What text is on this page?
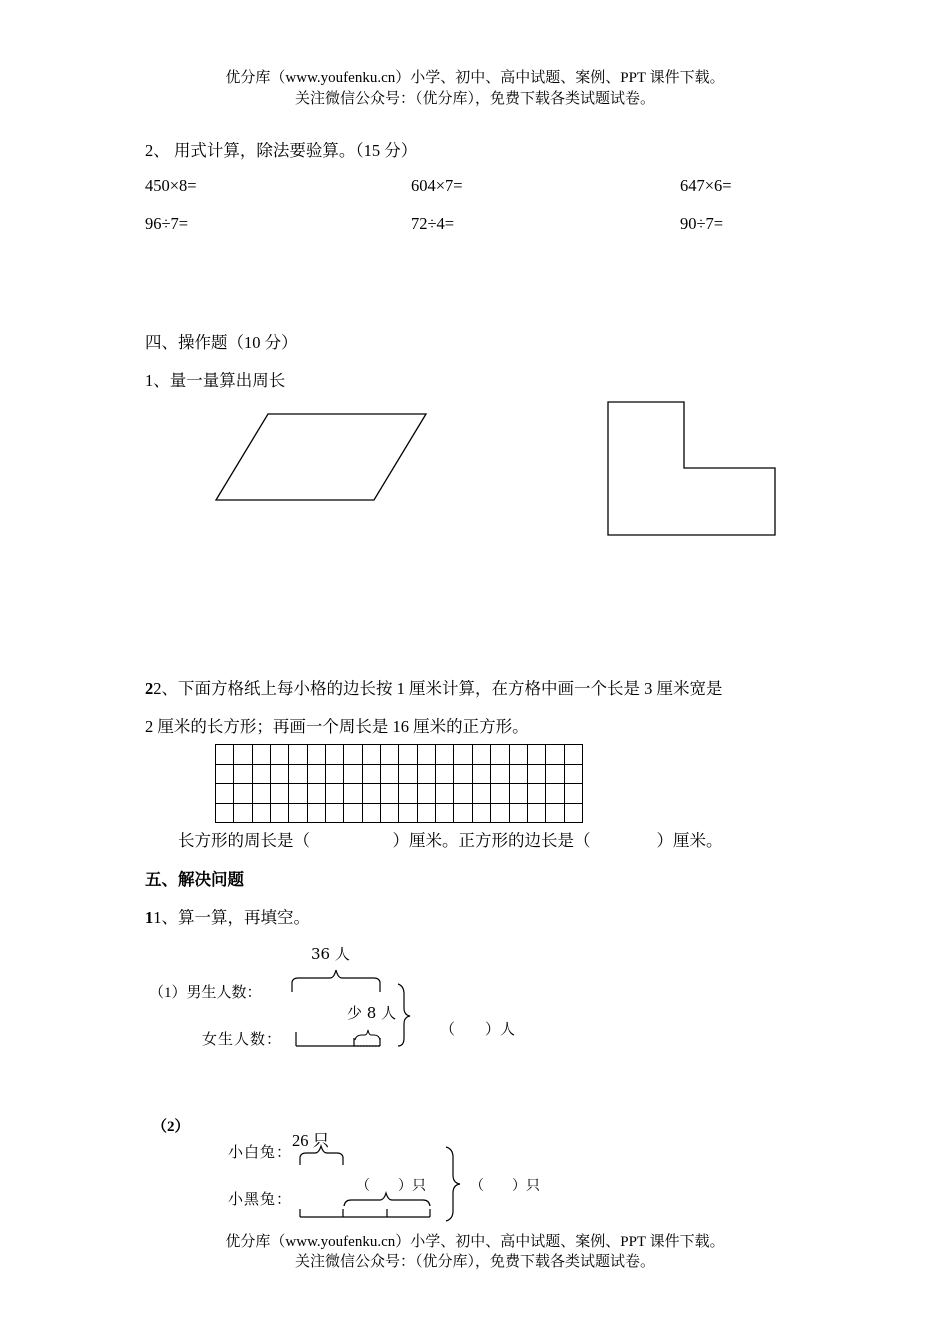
优分库（www.youfenku.cn）小学、初中、高中试题、案例、PPT 课件下载。
关注微信公众号：（优分库），免费下载各类试题试卷。
2、 用式计算，除法要验算。（15 分）
450×8=	604×7=	647×6=
96÷7=	72÷4=	90÷7=
四、操作题（10 分）
1、量一量算出周长
22、下面方格纸上每小格的边长按 1 厘米计算，在方格中画一个长是 3 厘米宽是
2 厘米的长方形；再画一个周长是 16 厘米的正方形。
长方形的周长是（　　　　　）厘米。正方形的边长是（　　　　）厘米。
五、解决问题
11、算一算，再填空。
36 人
（1）男生人数：
少 8 人
女生人数：	（　　）人
（2）
小白兔：
26 只
小黑兔：
（　　）只	（　　）只
优分库（www.youfenku.cn）小学、初中、高中试题、案例、PPT 课件下载。
关注微信公众号：（优分库），免费下载各类试题试卷。
